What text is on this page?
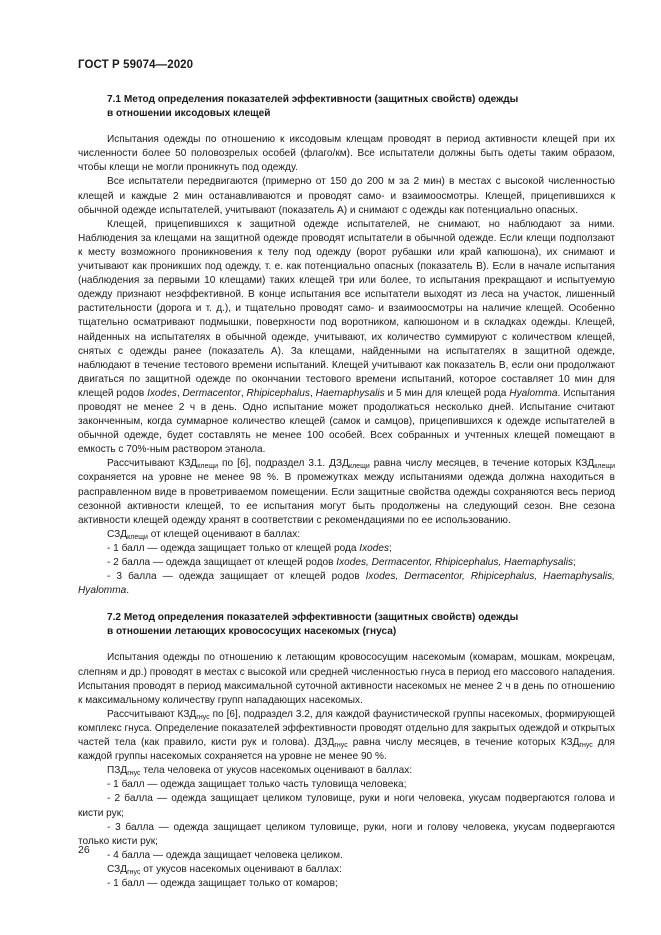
ГОСТ Р 59074—2020
7.1 Метод определения показателей эффективности (защитных свойств) одежды
в отношении иксодовых клещей
Испытания одежды по отношению к иксодовым клещам проводят в период активности клещей при их численности более 50 половозрелых особей (флаго/км). Все испытатели должны быть одеты таким образом, чтобы клещи не могли проникнуть под одежду.
Все испытатели передвигаются (примерно от 150 до 200 м за 2 мин) в местах с высокой численностью клещей и каждые 2 мин останавливаются и проводят само- и взаимоосмотры. Клещей, прицепившихся к обычной одежде испытателей, учитывают (показатель А) и снимают с одежды как потенциально опасных.
Клещей, прицепившихся к защитной одежде испытателей, не снимают, но наблюдают за ними. Наблюдения за клещами на защитной одежде проводят испытатели в обычной одежде. Если клещи подползают к месту возможного проникновения к телу под одежду (ворот рубашки или край капюшона), их снимают и учитывают как проникших под одежду, т. е. как потенциально опасных (показатель В). Если в начале испытания (наблюдения за первыми 10 клещами) таких клещей три или более, то испытания прекращают и испытуемую одежду признают неэффективной. В конце испытания все испытатели выходят из леса на участок, лишенный растительности (дорога и т. д.), и тщательно проводят само- и взаимоосмотры на наличие клещей. Особенно тщательно осматривают подмышки, поверхности под воротником, капюшоном и в складках одежды. Клещей, найденных на испытателях в обычной одежде, учитывают, их количество суммируют с количеством клещей, снятых с одежды ранее (показатель А). За клещами, найденными на испытателях в защитной одежде, наблюдают в течение тестового времени испытаний. Клещей учитывают как показатель В, если они продолжают двигаться по защитной одежде по окончании тестового времени испытаний, которое составляет 10 мин для клещей родов Ixodes, Dermacentor, Rhipicephalus, Haemaphysalis и 5 мин для клещей рода Hyalomma. Испытания проводят не менее 2 ч в день. Одно испытание может продолжаться несколько дней. Испытание считают законченным, когда суммарное количество клещей (самок и самцов), прицепившихся к одежде испытателей в обычной одежде, будет составлять не менее 100 особей. Всех собранных и учтенных клещей помещают в емкость с 70%-ным раствором этанола.
Рассчитывают $КЗД_{клещи}$ по [6], подраздел 3.1. $ДЗД_{клещи}$ равна числу месяцев, в течение которых $КЗД_{клещи}$ сохраняется на уровне не менее 98 %. В промежутках между испытаниями одежда должна находиться в расправленном виде в проветриваемом помещении. Если защитные свойства одежды сохраняются весь период сезонной активности клещей, то ее испытания могут быть продолжены на следующий сезон. Вне сезона активности клещей одежду хранят в соответствии с рекомендациями по ее использованию.
$СЗД_{клещи}$ от клещей оценивают в баллах:
- 1 балл — одежда защищает только от клещей рода Ixodes;
- 2 балла — одежда защищает от клещей родов Ixodes, Dermacentor, Rhipicephalus, Haemaphysalis;
- 3 балла — одежда защищает от клещей родов Ixodes, Dermacentor, Rhipicephalus, Haemaphysalis, Hyalomma.
7.2 Метод определения показателей эффективности (защитных свойств) одежды
в отношении летающих кровососущих насекомых (гнуса)
Испытания одежды по отношению к летающим кровососущим насекомым (комарам, мошкам, мокрецам, слепням и др.) проводят в местах с высокой или средней численностью гнуса в период его массового нападения. Испытания проводят в период максимальной суточной активности насекомых не менее 2 ч в день по отношению к максимальному количеству групп нападающих насекомых.
Рассчитывают $КЗД_{гнус}$ по [6], подраздел 3.2, для каждой фаунистической группы насекомых, формирующей комплекс гнуса. Определение показателей эффективности проводят отдельно для закрытых одеждой и открытых частей тела (как правило, кисти рук и голова). $ДЗД_{гнус}$ равна числу месяцев, в течение которых $КЗД_{гнус}$ для каждой группы насекомых сохраняется на уровне не менее 90 %.
$ПЗД_{гнус}$ тела человека от укусов насекомых оценивают в баллах:
- 1 балл — одежда защищает только часть туловища человека;
- 2 балла — одежда защищает целиком туловище, руки и ноги человека, укусам подвергаются голова и кисти рук;
- 3 балла — одежда защищает целиком туловище, руки, ноги и голову человека, укусам подвергаются только кисти рук;
- 4 балла — одежда защищает человека целиком.
$СЗД_{гнус}$ от укусов насекомых оценивают в баллах:
- 1 балл — одежда защищает только от комаров;
26
